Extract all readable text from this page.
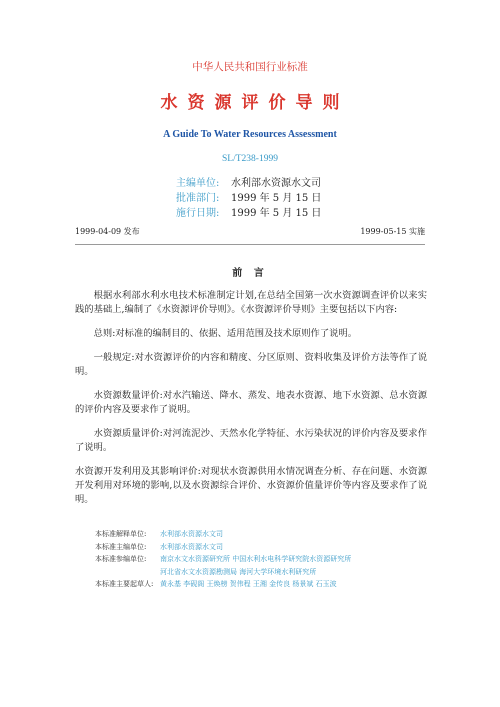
中华人民共和国行业标准
水资源评价导则
A Guide To Water Resources Assessment
SL/T238-1999
主编单位:	水利部水资源水文司
批准部门:	1999 年 5 月 15 日
施行日期:	1999 年 5 月 15 日
1999-04-09 发布	1999-05-15 实施
前 言

根据水利部水利水电技术标准制定计划,在总结全国第一次水资源调查评价以来实践的基础上,编制了《水资源评价导则》。《水资源评价导则》主要包括以下内容:

总则:对标准的编制目的、依据、适用范围及技术原则作了说明。

一般规定:对水资源评价的内容和精度、分区原则、资料收集及评价方法等作了说明。

水资源数量评价:对水汽输送、降水、蒸发、地表水资源、地下水资源、总水资源的评价内容及要求作了说明。

水资源质量评价:对河流泥沙、天然水化学特征、水污染状况的评价内容及要求作了说明。

水资源开发利用及其影响评价:对现状水资源供用水情况调查分析、存在问题、水资源开发利用对环境的影响,以及水资源综合评价、水资源价值量评价等内容及要求作了说明。

本标准解释单位:	水利部水资源水文司
本标准主编单位:	水利部水资源水文司
本标准参编单位:	南京水文水资源研究所 中国水利水电科学研究院水资源研究所
河北省水文水资源勘测局 海河大学环境水利研究所
本标准主要起草人: 黄永基 李砚阁 王焕榜 贺伟程 王湘 金传良 杨景斌 石玉波
